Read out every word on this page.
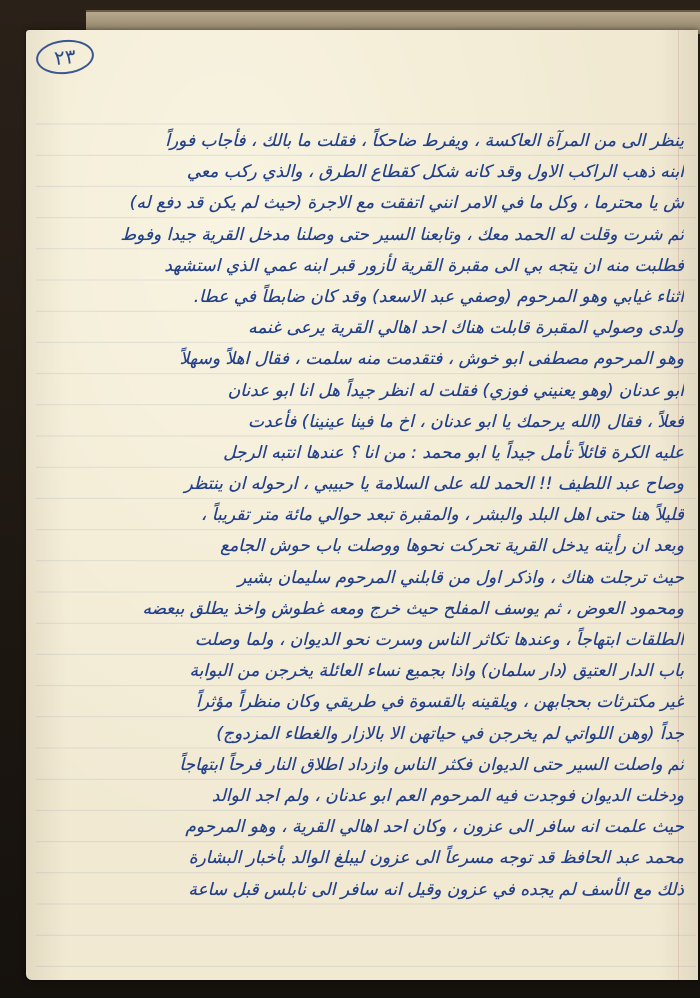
٢٣
ينظر الى من المرآة العاكسة ، ويفرط ضاحكاً ، فقلت ما بالك ، فأجاب فوراً
ابنه ذهب الراكب الاول وقد كانه شكل كقطاع الطرق ، والذي ركب معي
ش يا محترما ، وكل ما في الامر انني اتفقت مع الاجرة (حيث لم يكن قد دفع له)
ثم شرت وقلت له الحمد معك ، وتابعنا السير حتى وصلنا مدخل القرية جيدا وفوط
فطلبت منه ان يتجه بي الى مقبرة القرية لأزور قبر ابنه عمي الذي استشهد
اثناء غيابي وهو المرحوم (وصفي عبد الاسعد) وقد كان ضابطاً في عطا.
ولدى وصولي المقبرة قابلت هناك احد اهالي القرية يرعى غنمه
وهو المرحوم مصطفى ابو خوش ، فتقدمت منه سلمت ، فقال اهلاً وسهلاً
ابو عدنان (وهو يعنيني فوزي) فقلت له انظر جيداً هل انا ابو عدنان
فعلاً ، فقال (الله يرحمك يا ابو عدنان ، اخ ما فينا عينينا) فأعدت
عليه الكرة قائلاً تأمل جيداً يا ابو محمد : من انا ؟ عندها انتبه الرجل
وصاح عبد اللطيف !! الحمد لله على السلامة يا حبيبي ، ارحوله ان ينتظر
قليلاً هنا حتى اهل البلد والبشر ، والمقبرة تبعد حوالي مائة متر تقريباً ،
وبعد ان رأيته يدخل القرية تحركت نحوها ووصلت باب حوش الجامع
حيث ترجلت هناك ، واذكر اول من قابلني المرحوم سليمان بشير
ومحمود العوض ، ثم يوسف المفلح حيث خرج ومعه غطوش واخذ يطلق ببعضه
الطلقات ابتهاجاً ، وعندها تكاثر الناس وسرت نحو الديوان ، ولما وصلت
باب الدار العتيق (دار سلمان) واذا بجميع نساء العائلة يخرجن من البوابة
غير مكترثات بحجابهن ، ويلقينه بالقسوة في طريقي وكان منظراً مؤثراً
جداً (وهن اللواتي لم يخرجن في حياتهن الا بالازار والغطاء المزدوج)
ثم واصلت السير حتى الديوان فكثر الناس وازداد اطلاق النار فرحاً ابتهاجاً
ودخلت الديوان فوجدت فيه المرحوم العم ابو عدنان ، ولم اجد الوالد
حيث علمت انه سافر الى عزون ، وكان احد اهالي القرية ، وهو المرحوم
محمد عبد الحافظ قد توجه مسرعاً الى عزون ليبلغ الوالد بأخبار البشارة
ذلك مع الأسف لم يجده في عزون وقيل انه سافر الى نابلس قبل ساعة
